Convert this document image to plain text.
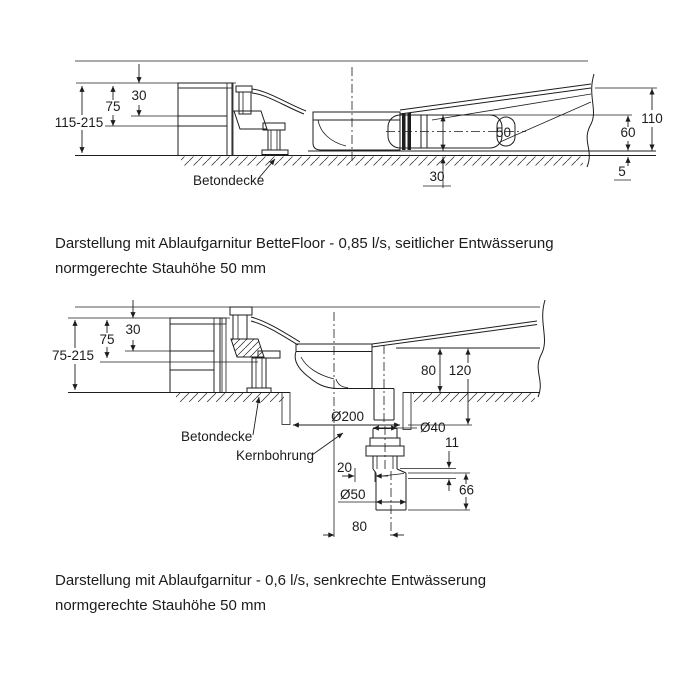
115-215
75
30
50
30
60
110
5
Betondecke
Darstellung mit Ablaufgarnitur BetteFloor - 0,85 l/s, seitlicher Entwässerung
normgerechte Stauhöhe 50 mm
75-215
75
30
80 120
Ø200
Betondecke
Kernbohrung
Ø40
11
66
Ø50
20
80
Darstellung mit Ablaufgarnitur - 0,6 l/s, senkrechte Entwässerung
normgerechte Stauhöhe 50 mm
